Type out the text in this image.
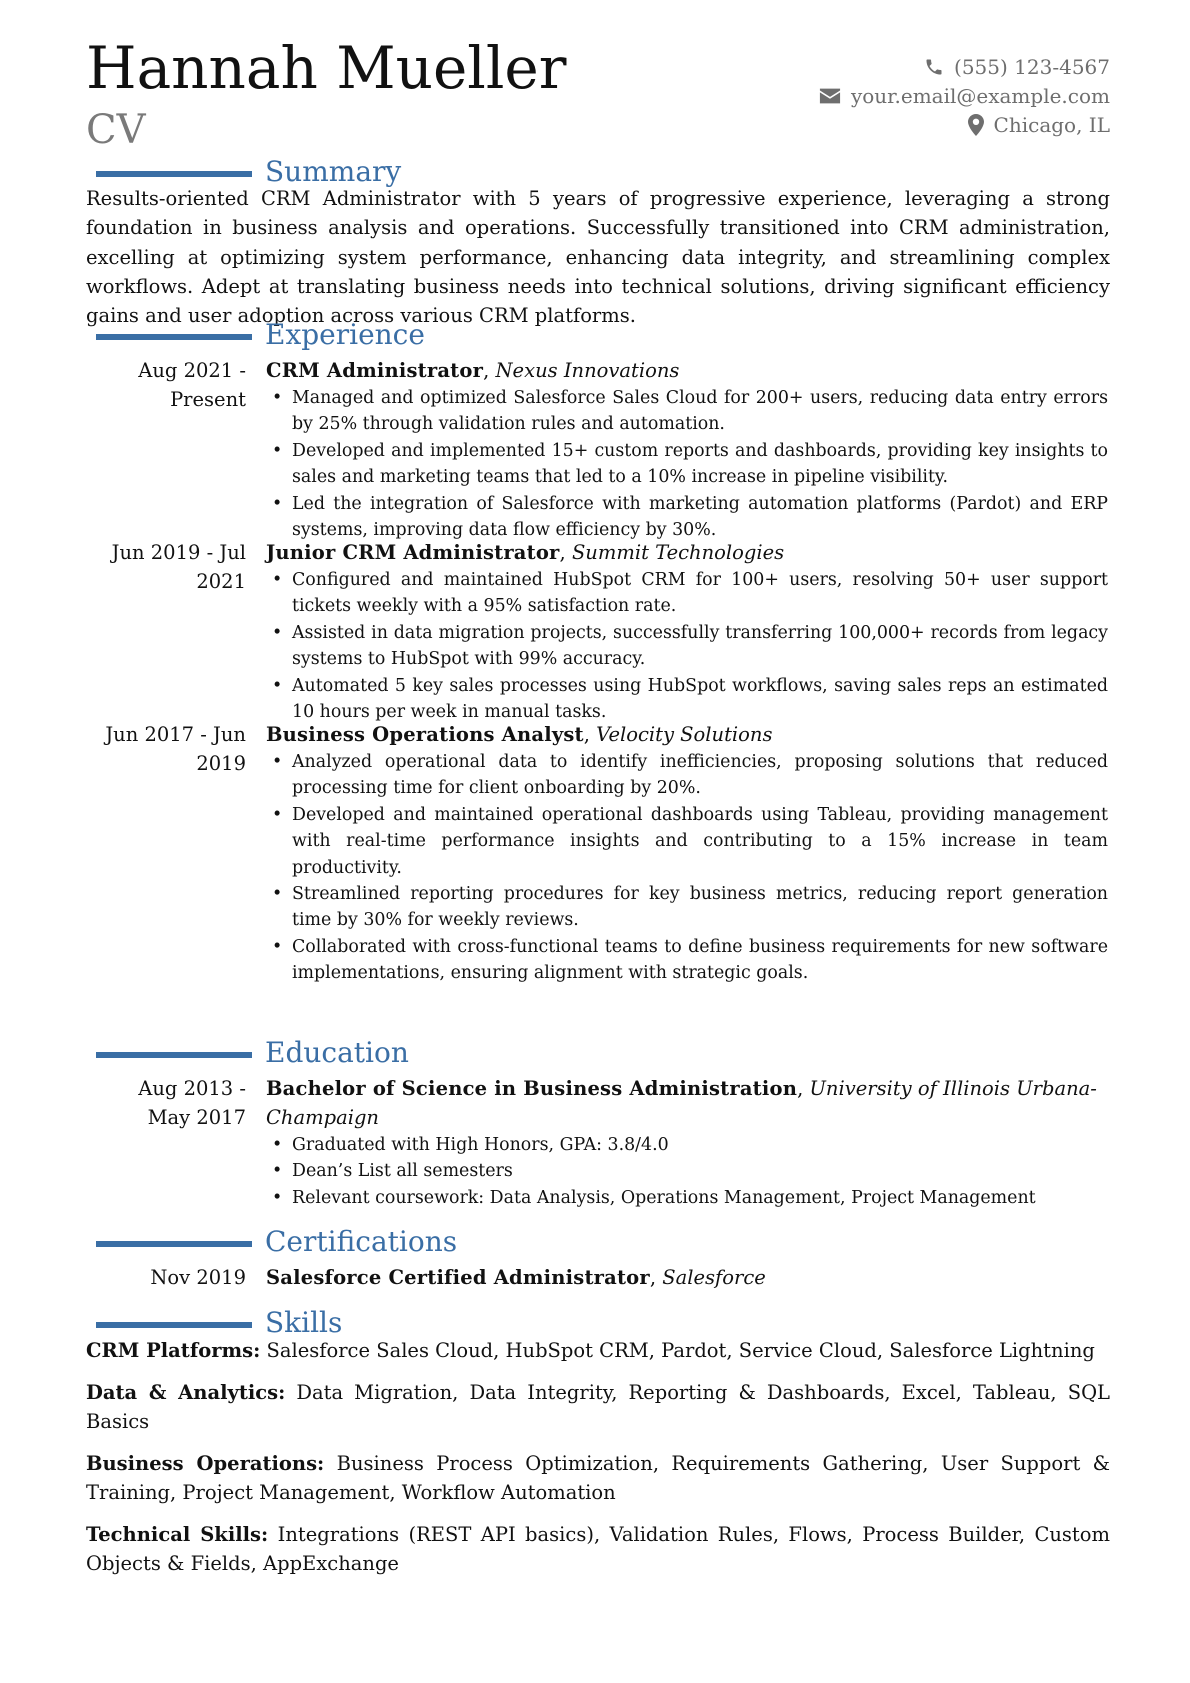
Hannah Mueller
CV
(555) 123-4567
your.email@example.com
Chicago, IL
Summary
Results-oriented CRM Administrator with 5 years of progressive experience, leveraging a strong foundation in business analysis and operations. Successfully transitioned into CRM administration, excelling at optimizing system performance, enhancing data integrity, and streamlining complex workflows. Adept at translating business needs into technical solutions, driving significant efficiency gains and user adoption across various CRM platforms.
Experience
Aug 2021 -
Present
CRM Administrator, Nexus Innovations
• Managed and optimized Salesforce Sales Cloud for 200+ users, reducing data entry errors by 25% through validation rules and automation.
• Developed and implemented 15+ custom reports and dashboards, providing key insights to sales and marketing teams that led to a 10% increase in pipeline visibility.
• Led the integration of Salesforce with marketing automation platforms (Pardot) and ERP systems, improving data flow efficiency by 30%.
Jun 2019 - Jul
2021
Junior CRM Administrator, Summit Technologies
• Configured and maintained HubSpot CRM for 100+ users, resolving 50+ user support tickets weekly with a 95% satisfaction rate.
• Assisted in data migration projects, successfully transferring 100,000+ records from legacy systems to HubSpot with 99% accuracy.
• Automated 5 key sales processes using HubSpot workflows, saving sales reps an estimated 10 hours per week in manual tasks.
Jun 2017 - Jun
2019
Business Operations Analyst, Velocity Solutions
• Analyzed operational data to identify inefficiencies, proposing solutions that reduced processing time for client onboarding by 20%.
• Developed and maintained operational dashboards using Tableau, providing management with real-time performance insights and contributing to a 15% increase in team productivity.
• Streamlined reporting procedures for key business metrics, reducing report generation time by 30% for weekly reviews.
• Collaborated with cross-functional teams to define business requirements for new software implementations, ensuring alignment with strategic goals.
Education
Aug 2013 -
May 2017
Bachelor of Science in Business Administration, University of Illinois Urbana-Champaign
• Graduated with High Honors, GPA: 3.8/4.0
• Dean’s List all semesters
• Relevant coursework: Data Analysis, Operations Management, Project Management
Certifications
Nov 2019 Salesforce Certified Administrator, Salesforce
Skills

CRM Platforms: Salesforce Sales Cloud, HubSpot CRM, Pardot, Service Cloud, Salesforce Lightning

Data & Analytics: Data Migration, Data Integrity, Reporting & Dashboards, Excel, Tableau, SQL Basics

Business Operations: Business Process Optimization, Requirements Gathering, User Support & Training, Project Management, Workflow Automation

Technical Skills: Integrations (REST API basics), Validation Rules, Flows, Process Builder, Custom Objects & Fields, AppExchange
